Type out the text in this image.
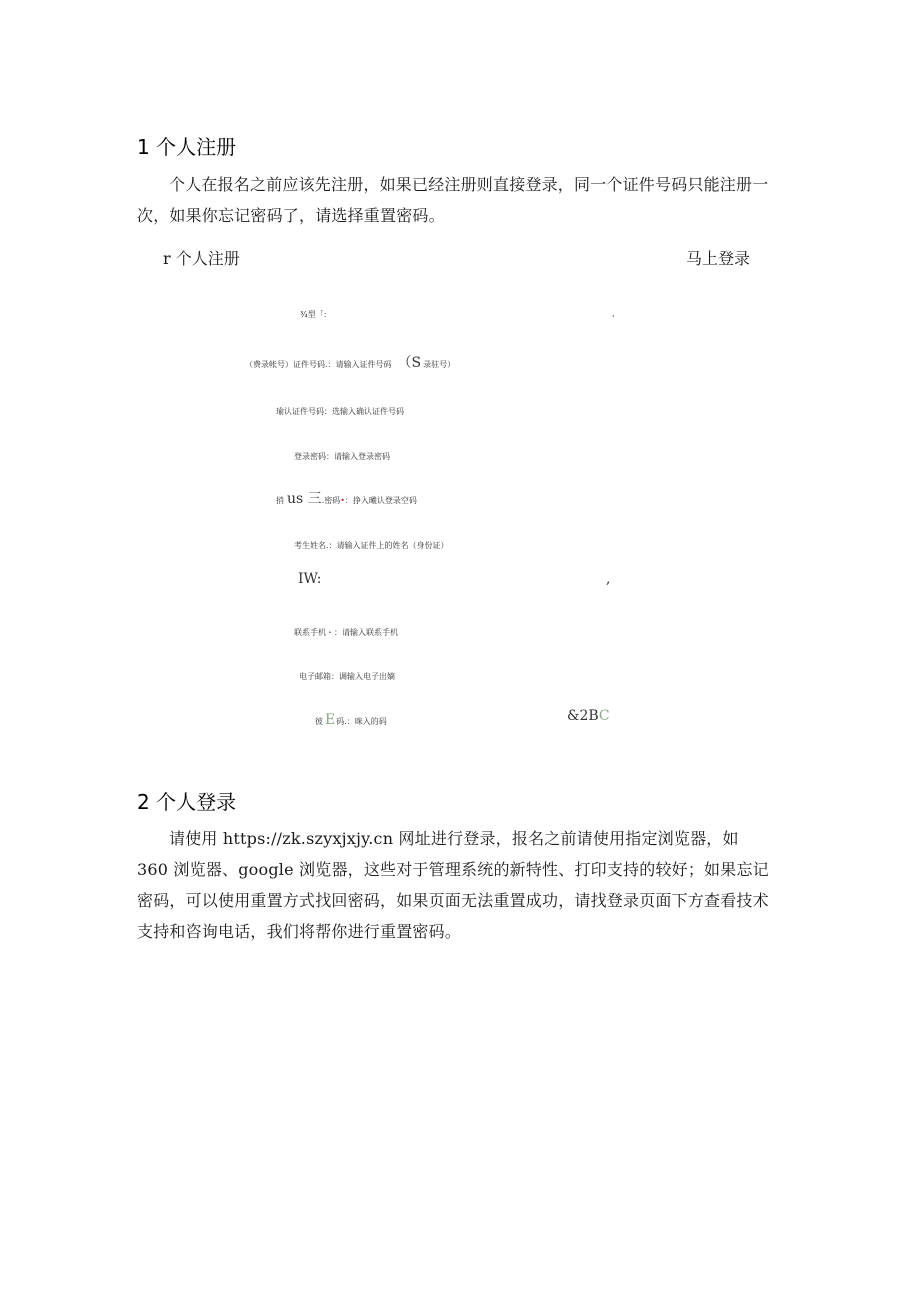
1 个人注册
个人在报名之前应该先注册，如果已经注册则直接登录，同一个证件号码只能注册一次，如果你忘记密码了，请选择重置密码。
r 个人注册	马上登录
¾型「:	,
（费录帐号）证件号码.：请输入证件号码 （S 录驻号）
瑜认证件号码：选输入确认证件号码
登录密码：请输入登录密码
捎 us 三.密码•：挣入曦认登录空码
考生姓名.：请输入证件上的姓名（身份证）
IW:	,
联系手机・：请输入联系手机
电子邮箱：调输入电子出嫡
彼 E码.：咪入的码	&2BC
2 个人登录
请使用 https://zk.szyxjxjy.cn 网址进行登录，报名之前请使用指定浏览器，如 360 浏览器、google 浏览器，这些对于管理系统的新特性、打印支持的较好；如果忘记密码，可以使用重置方式找回密码，如果页面无法重置成功，请找登录页面下方查看技术支持和咨询电话，我们将帮你进行重置密码。
